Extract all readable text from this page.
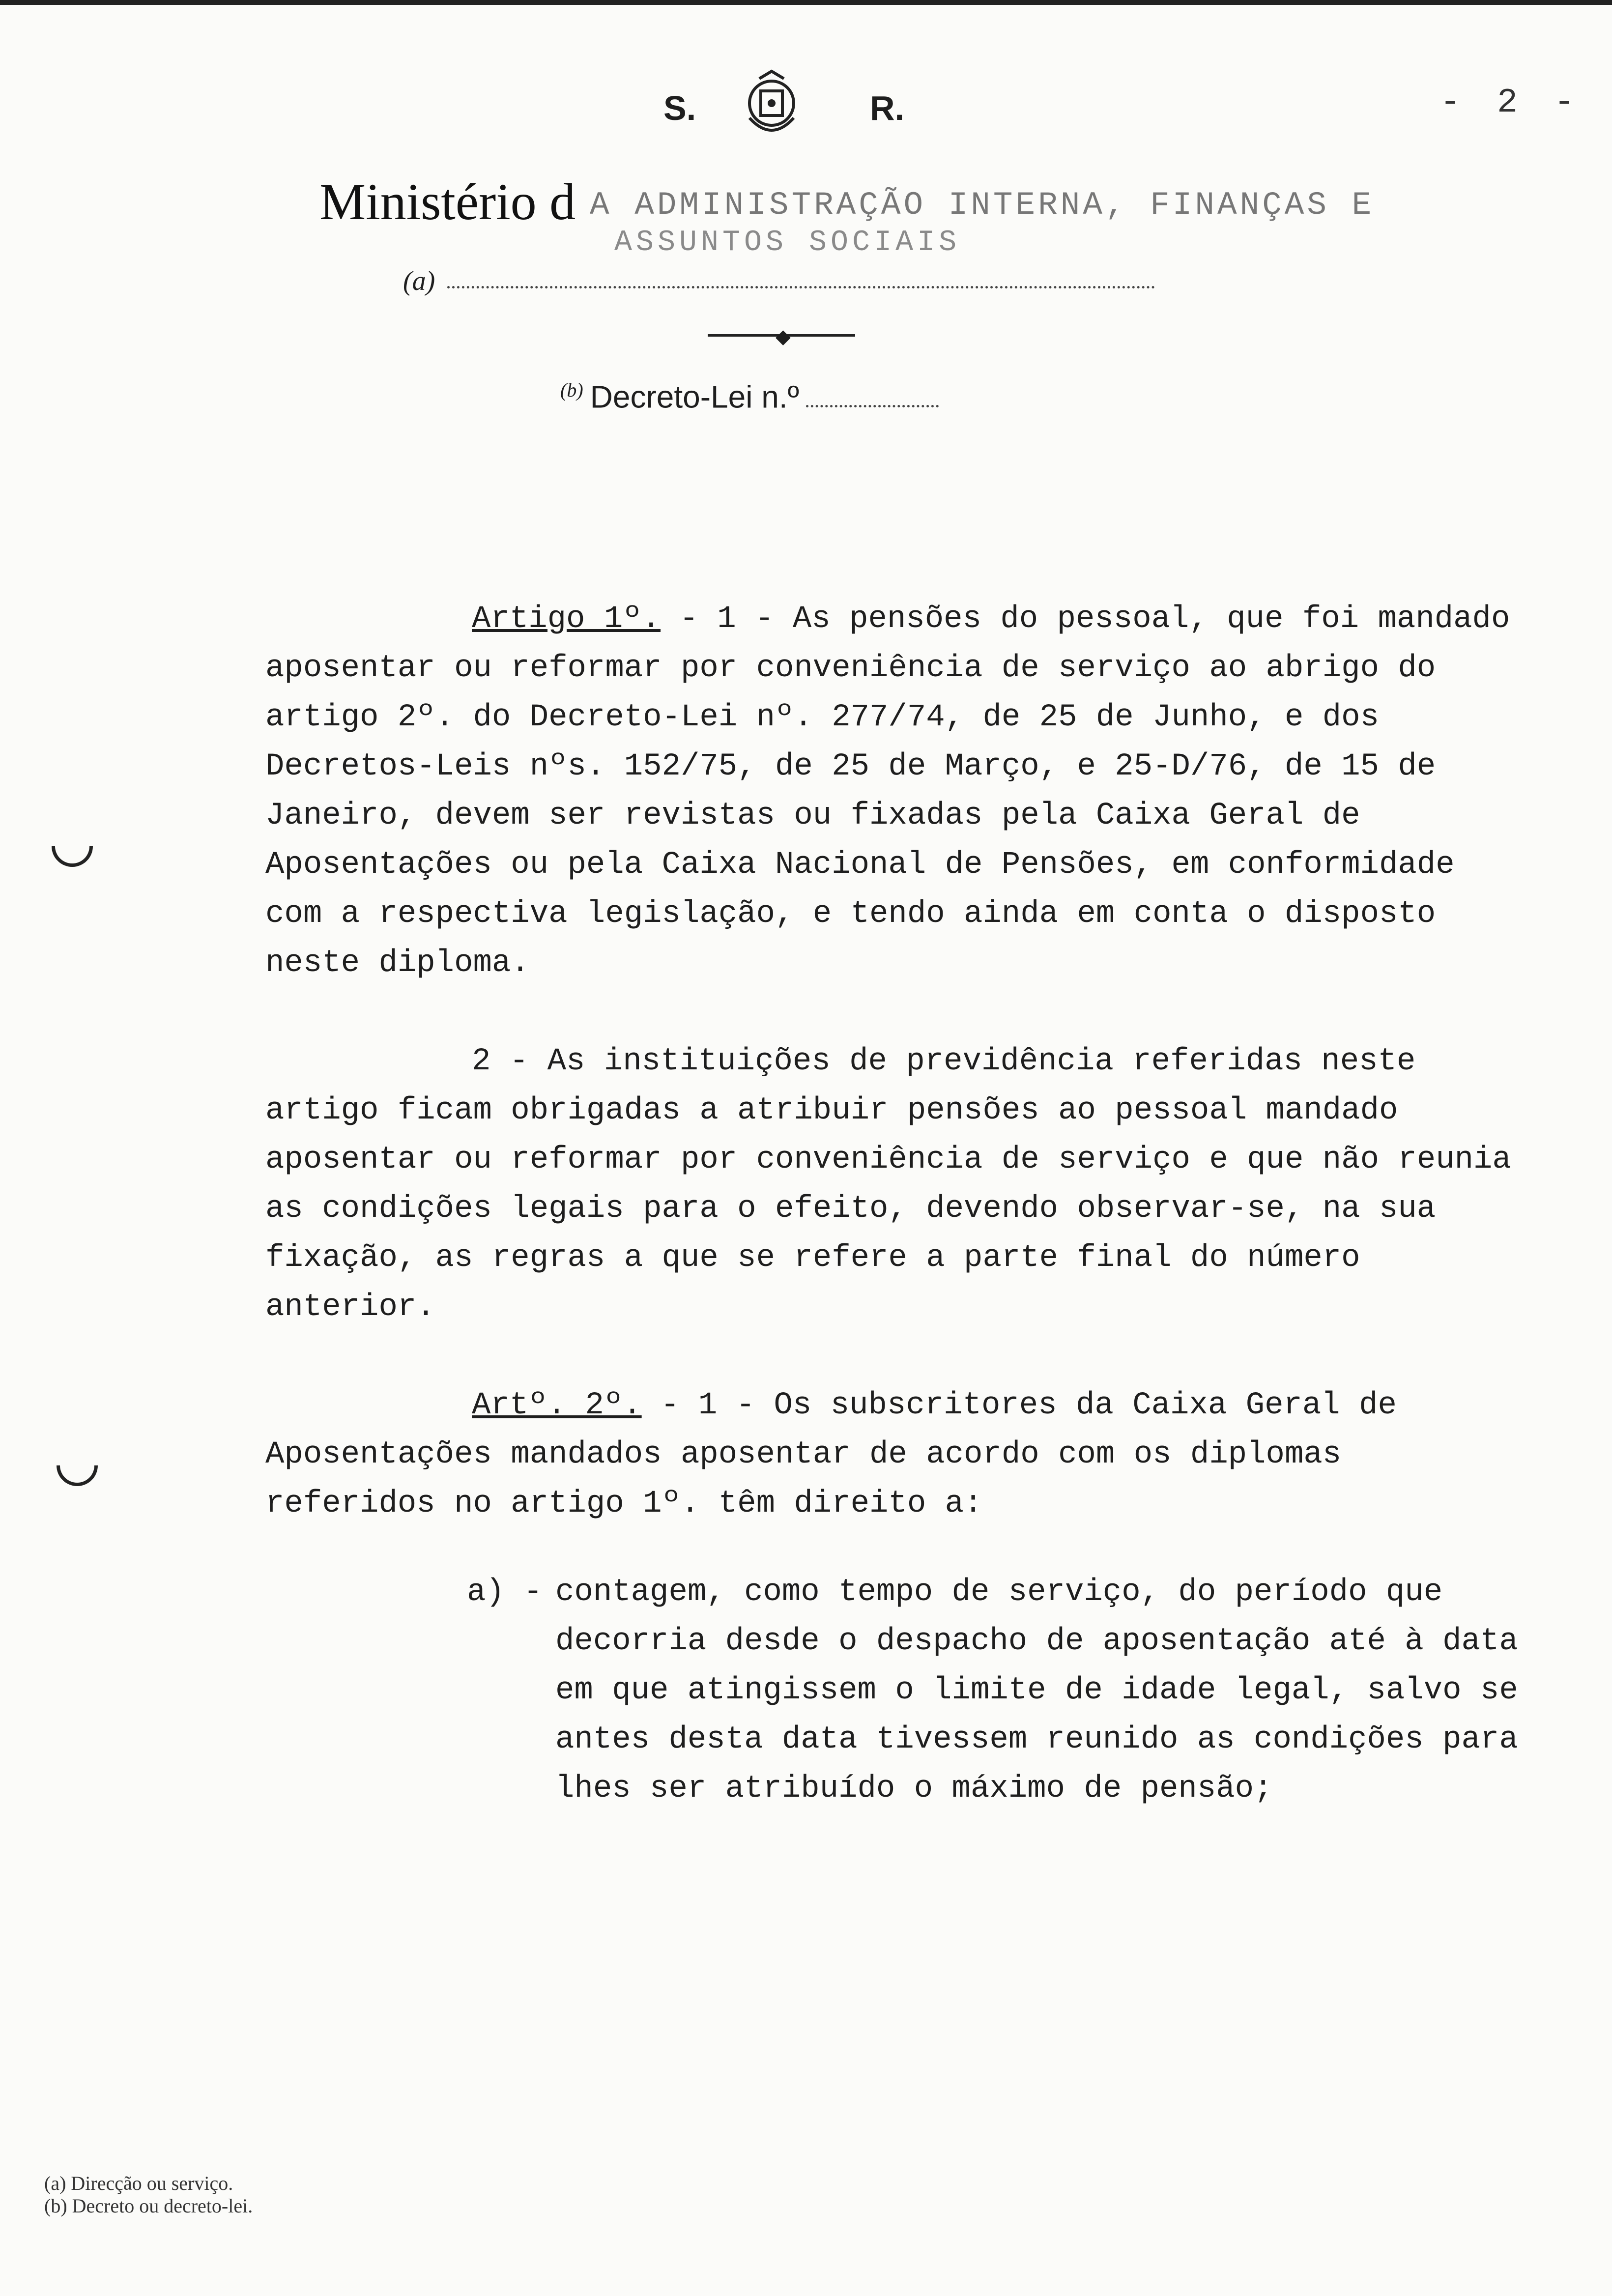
- 2 -
S.	R.
Ministério d A ADMINISTRAÇÃO INTERNA, FINANÇAS E
ASSUNTOS SOCIAIS
(a)
◆
$^{(b)}$ Decreto-Lei n.º

Artigo 1º. - 1 - As pensões do pessoal, que foi mandado aposentar ou reformar por conveniência de serviço ao abrigo do artigo 2º. do Decreto-Lei nº. 277/74, de 25 de Junho, e dos Decretos-Leis nºs. 152/75, de 25 de Março, e 25-D/76, de 15 de Janeiro, devem ser revistas ou fixadas pela Caixa Geral de Aposentações ou pela Caixa Nacional de Pensões, em conformidade com a respectiva legislação, e tendo ainda em conta o disposto neste diploma.

2 - As instituições de previdência referidas neste artigo ficam obrigadas a atribuir pensões ao pessoal mandado aposentar ou reformar por conveniência de serviço e que não reunia as condições legais para o efeito, devendo observar-se, na sua fixação, as regras a que se refere a parte final do número anterior.

Artº. 2º. - 1 - Os subscritores da Caixa Geral de Aposentações mandados aposentar de acordo com os diplomas referidos no artigo 1º. têm direito a:

a) - contagem, como tempo de serviço, do período que decorria desde o despacho de aposentação até à data em que atingissem o limite de idade legal, salvo se antes desta data tivessem reunido as condições para lhes ser atribuído o máximo de pensão;
(a) Direcção ou serviço.
(b) Decreto ou decreto-lei.
